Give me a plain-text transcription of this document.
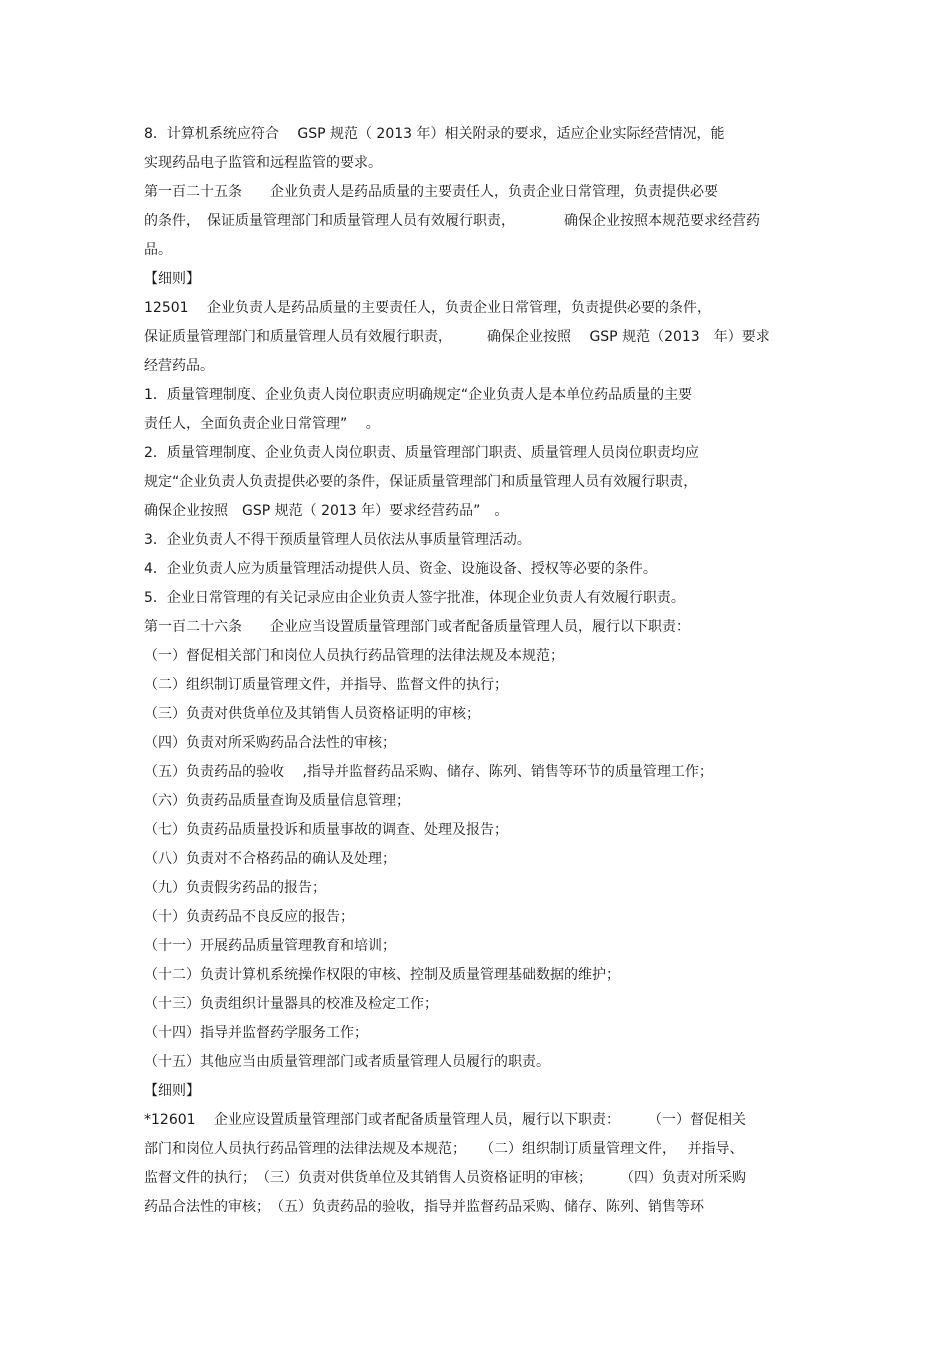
8．计算机系统应符合　 GSP 规范（ 2013 年）相关附录的要求，适应企业实际经营情况，能
实现药品电子监管和远程监管的要求。
第一百二十五条　　企业负责人是药品质量的主要责任人，负责企业日常管理，负责提供必要
的条件，　保证质量管理部门和质量管理人员有效履行职责，　　　　确保企业按照本规范要求经营药
品。
【细则】
12501　 企业负责人是药品质量的主要责任人，负责企业日常管理，负责提供必要的条件，
保证质量管理部门和质量管理人员有效履行职责，　　　确保企业按照　 GSP 规范（2013　年）要求
经营药品。
1．质量管理制度、企业负责人岗位职责应明确规定“企业负责人是本单位药品质量的主要
责任人，全面负责企业日常管理”　 。
2．质量管理制度、企业负责人岗位职责、质量管理部门职责、质量管理人员岗位职责均应
规定“企业负责人负责提供必要的条件，保证质量管理部门和质量管理人员有效履行职责，
确保企业按照　GSP 规范（ 2013 年）要求经营药品”　。
3．企业负责人不得干预质量管理人员依法从事质量管理活动。
4．企业负责人应为质量管理活动提供人员、资金、设施设备、授权等必要的条件。
5．企业日常管理的有关记录应由企业负责人签字批准，体现企业负责人有效履行职责。
第一百二十六条　　企业应当设置质量管理部门或者配备质量管理人员，履行以下职责：
（一）督促相关部门和岗位人员执行药品管理的法律法规及本规范；
（二）组织制订质量管理文件，并指导、监督文件的执行；
（三）负责对供货单位及其销售人员资格证明的审核；
（四）负责对所采购药品合法性的审核；
（五）负责药品的验收　 ,指导并监督药品采购、储存、陈列、销售等环节的质量管理工作；
（六）负责药品质量查询及质量信息管理；
（七）负责药品质量投诉和质量事故的调查、处理及报告；
（八）负责对不合格药品的确认及处理；
（九）负责假劣药品的报告；
（十）负责药品不良反应的报告；
（十一）开展药品质量管理教育和培训；
（十二）负责计算机系统操作权限的审核、控制及质量管理基础数据的维护；
（十三）负责组织计量器具的校准及检定工作；
（十四）指导并监督药学服务工作；
（十五）其他应当由质量管理部门或者质量管理人员履行的职责。
【细则】
*12601　 企业应设置质量管理部门或者配备质量管理人员，履行以下职责：　　　（一）督促相关
部门和岗位人员执行药品管理的法律法规及本规范；　　（二）组织制订质量管理文件，　 并指导、
监督文件的执行；　（三）负责对供货单位及其销售人员资格证明的审核；　　　（四）负责对所采购
药品合法性的审核；　（五）负责药品的验收，指导并监督药品采购、储存、陈列、销售等环
